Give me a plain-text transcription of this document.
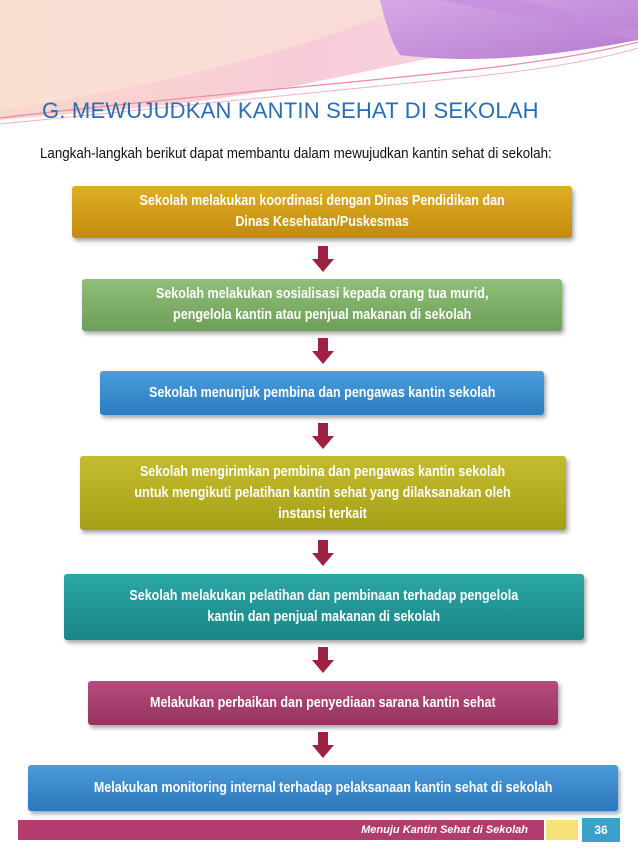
G. MEWUJUDKAN KANTIN SEHAT DI SEKOLAH
Langkah-langkah berikut dapat membantu dalam mewujudkan kantin sehat di sekolah:
Sekolah melakukan koordinasi dengan Dinas Pendidikan dan
Dinas Kesehatan/Puskesmas
Sekolah melakukan sosialisasi kepada orang tua murid,
pengelola kantin atau penjual makanan di sekolah
Sekolah menunjuk pembina dan pengawas kantin sekolah
Sekolah mengirimkan pembina dan pengawas kantin sekolah
untuk mengikuti pelatihan kantin sehat yang dilaksanakan oleh
instansi terkait
Sekolah melakukan pelatihan dan pembinaan terhadap pengelola
kantin dan penjual makanan di sekolah
Melakukan perbaikan dan penyediaan sarana kantin sehat
Melakukan monitoring internal terhadap pelaksanaan kantin sehat di sekolah
Menuju Kantin Sehat di Sekolah	36
